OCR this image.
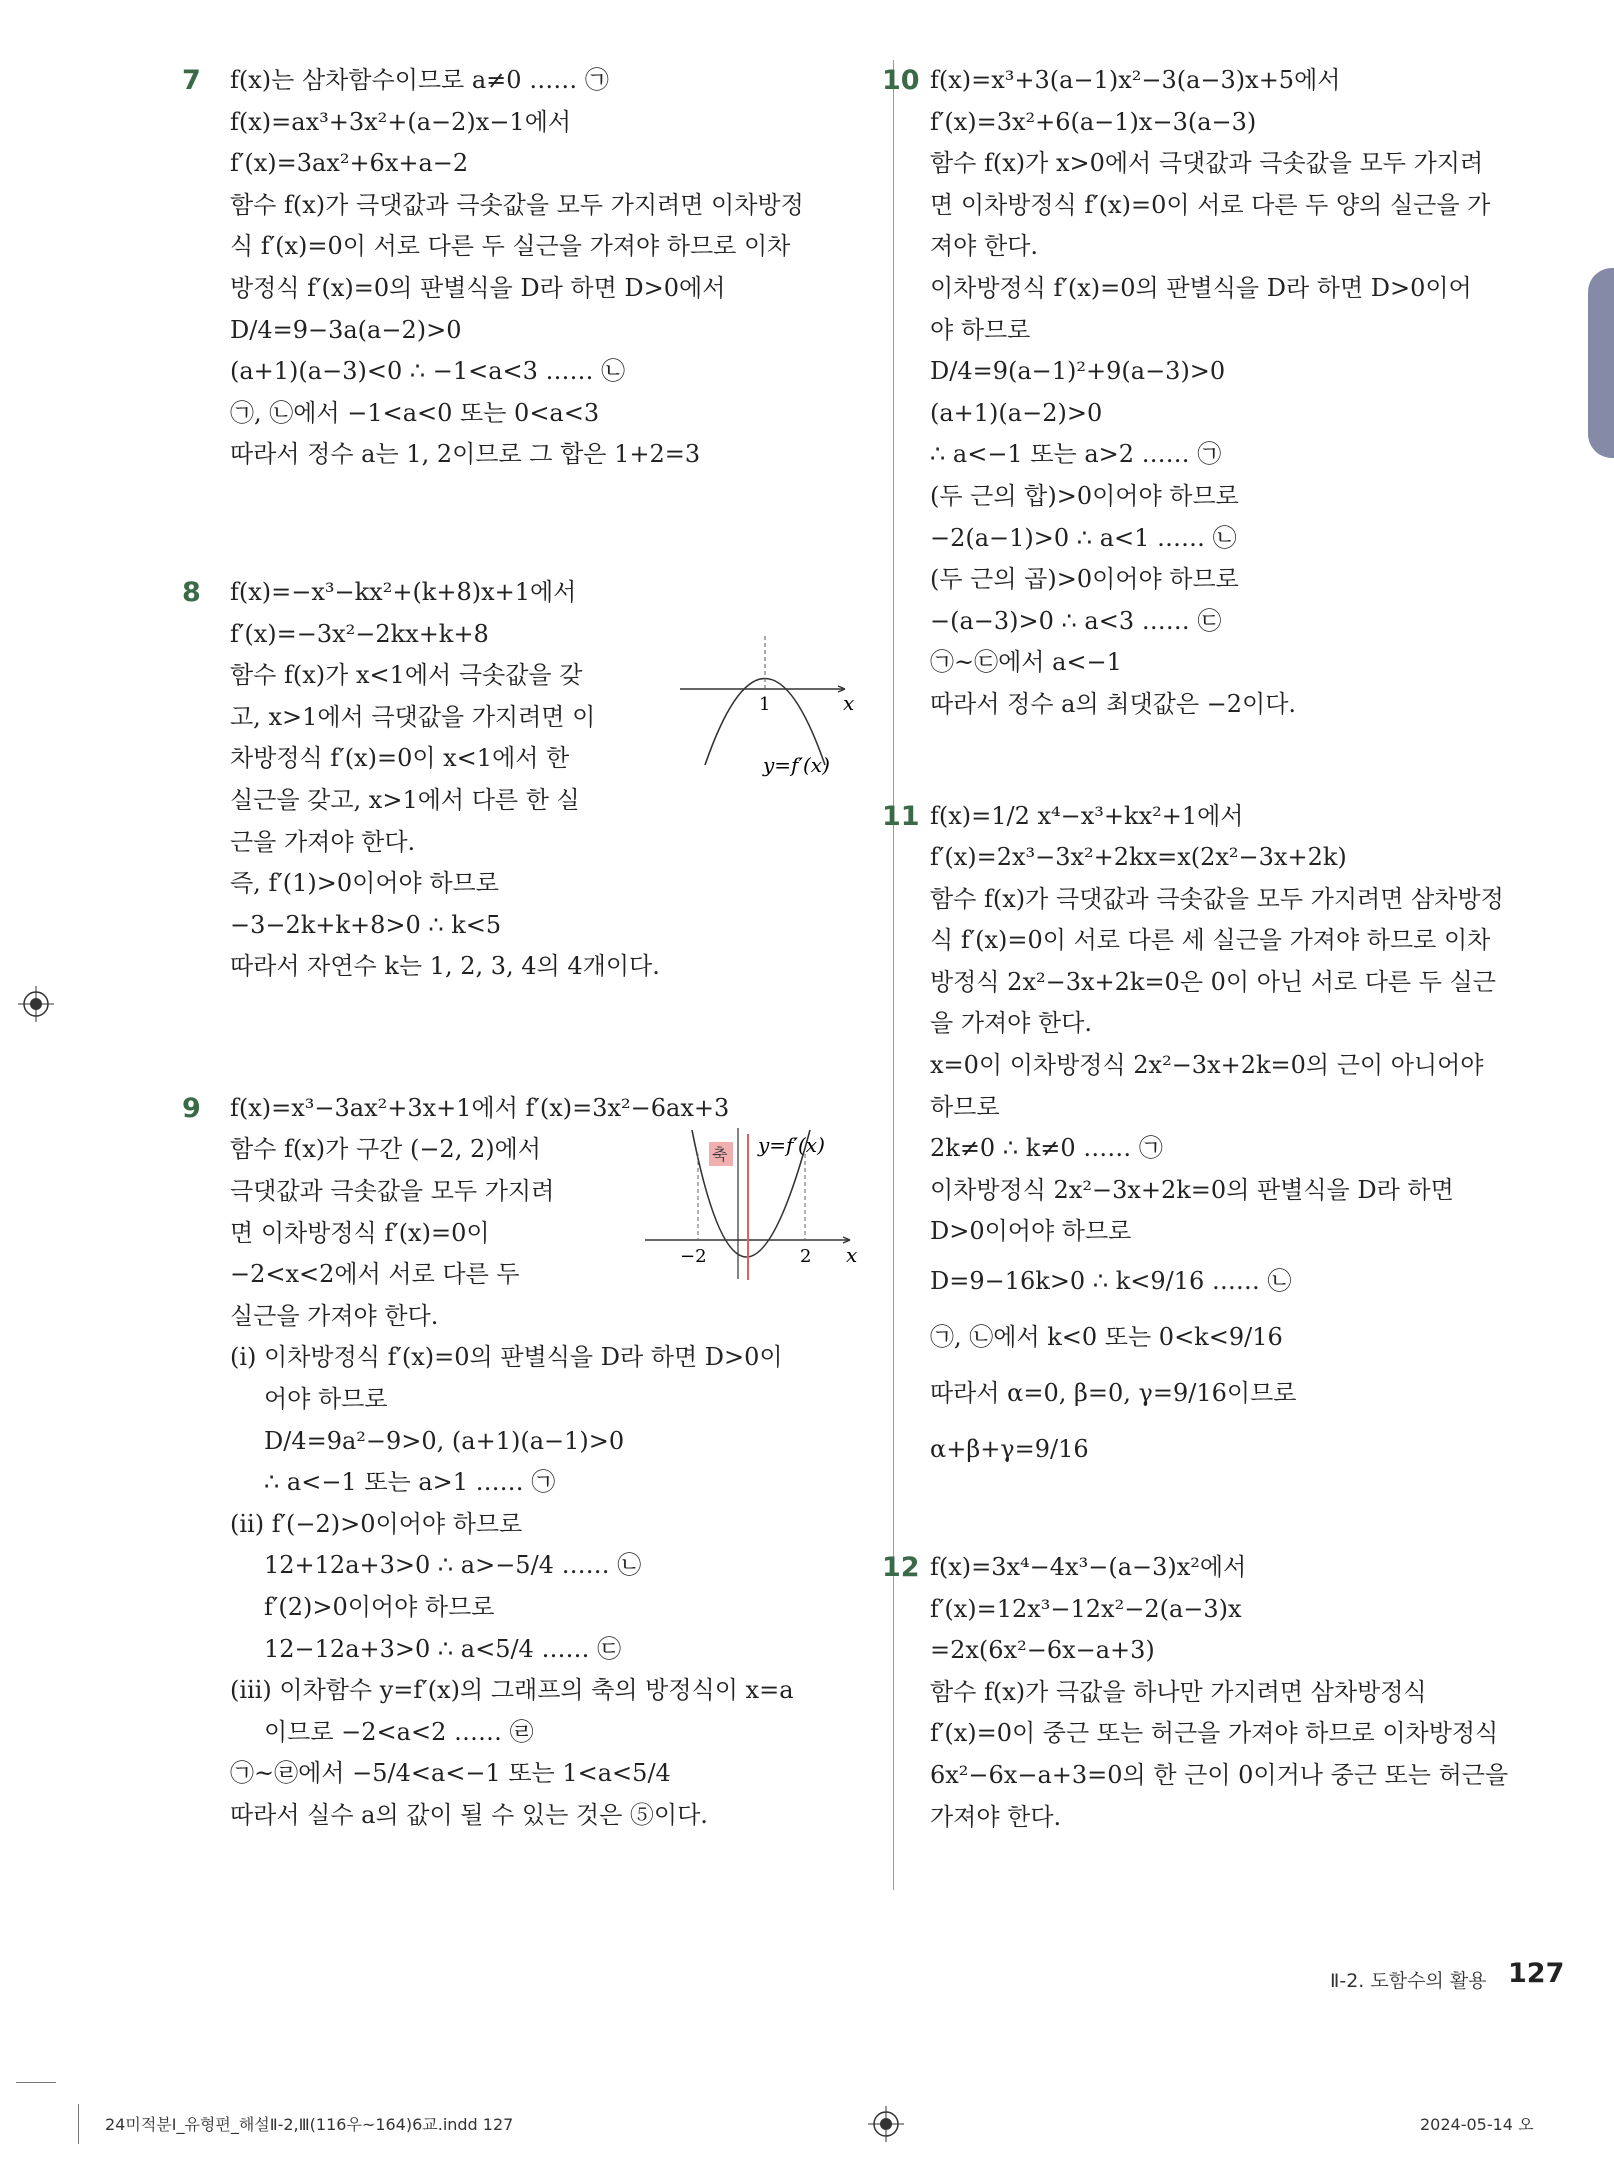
7 f(x)는 삼차함수이므로 a≠0 …… ㉠
f(x)=ax³+3x²+(a−2)x−1에서
f′(x)=3ax²+6x+a−2
함수 f(x)가 극댓값과 극솟값을 모두 가지려면 이차방정
식 f′(x)=0이 서로 다른 두 실근을 가져야 하므로 이차
방정식 f′(x)=0의 판별식을 D라 하면 D>0에서
D/4=9−3a(a−2)>0
(a+1)(a−3)<0 ∴ −1<a<3 …… ㉡
㉠, ㉡에서 −1<a<0 또는 0<a<3
따라서 정수 a는 1, 2이므로 그 합은 1+2=3
8 f(x)=−x³−kx²+(k+8)x+1에서
f′(x)=−3x²−2kx+k+8
함수 f(x)가 x<1에서 극솟값을 갖
고, x>1에서 극댓값을 가지려면 이
차방정식 f′(x)=0이 x<1에서 한
실근을 갖고, x>1에서 다른 한 실
근을 가져야 한다.
즉, f′(1)>0이어야 하므로
−3−2k+k+8>0 ∴ k<5
따라서 자연수 k는 1, 2, 3, 4의 4개이다.
x
1
y=f′(x)
9 f(x)=x³−3ax²+3x+1에서 f′(x)=3x²−6ax+3
함수 f(x)가 구간 (−2, 2)에서
극댓값과 극솟값을 모두 가지려
면 이차방정식 f′(x)=0이
−2<x<2에서 서로 다른 두
실근을 가져야 한다.
(ⅰ) 이차방정식 f′(x)=0의 판별식을 D라 하면 D>0이
어야 하므로
D/4=9a²−9>0, (a+1)(a−1)>0
∴ a<−1 또는 a>1 …… ㉠
(ⅱ) f′(−2)>0이어야 하므로
12+12a+3>0 ∴ a>−5/4 …… ㉡
f′(2)>0이어야 하므로
12−12a+3>0 ∴ a<5/4 …… ㉢
(ⅲ) 이차함수 y=f′(x)의 그래프의 축의 방정식이 x=a
이므로 −2<a<2 …… ㉣
㉠~㉣에서 −5/4<a<−1 또는 1<a<5/4
따라서 실수 a의 값이 될 수 있는 것은 ⑤이다.
축 y=f′(x)
x
−2	2
10 f(x)=x³+3(a−1)x²−3(a−3)x+5에서
f′(x)=3x²+6(a−1)x−3(a−3)
함수 f(x)가 x>0에서 극댓값과 극솟값을 모두 가지려
면 이차방정식 f′(x)=0이 서로 다른 두 양의 실근을 가
져야 한다.
이차방정식 f′(x)=0의 판별식을 D라 하면 D>0이어
야 하므로
D/4=9(a−1)²+9(a−3)>0
(a+1)(a−2)>0
∴ a<−1 또는 a>2 …… ㉠
(두 근의 합)>0이어야 하므로
−2(a−1)>0 ∴ a<1 …… ㉡
(두 근의 곱)>0이어야 하므로
−(a−3)>0 ∴ a<3 …… ㉢
㉠~㉢에서 a<−1
따라서 정수 a의 최댓값은 −2이다.
11 f(x)=1/2 x⁴−x³+kx²+1에서
f′(x)=2x³−3x²+2kx=x(2x²−3x+2k)
함수 f(x)가 극댓값과 극솟값을 모두 가지려면 삼차방정
식 f′(x)=0이 서로 다른 세 실근을 가져야 하므로 이차
방정식 2x²−3x+2k=0은 0이 아닌 서로 다른 두 실근
을 가져야 한다.
x=0이 이차방정식 2x²−3x+2k=0의 근이 아니어야
하므로
2k≠0 ∴ k≠0 …… ㉠
이차방정식 2x²−3x+2k=0의 판별식을 D라 하면
D>0이어야 하므로
D=9−16k>0 ∴ k<9/16 …… ㉡
㉠, ㉡에서 k<0 또는 0<k<9/16
따라서 α=0, β=0, γ=9/16이므로
α+β+γ=9/16
12 f(x)=3x⁴−4x³−(a−3)x²에서
f′(x)=12x³−12x²−2(a−3)x
=2x(6x²−6x−a+3)
함수 f(x)가 극값을 하나만 가지려면 삼차방정식
f′(x)=0이 중근 또는 허근을 가져야 하므로 이차방정식
6x²−6x−a+3=0의 한 근이 0이거나 중근 또는 허근을
가져야 한다.
Ⅱ-2. 도함수의 활용 127
24미적분Ⅰ_유형편_해설Ⅱ-2,Ⅲ(116우~164)6교.indd 127	2024-05-14 오
